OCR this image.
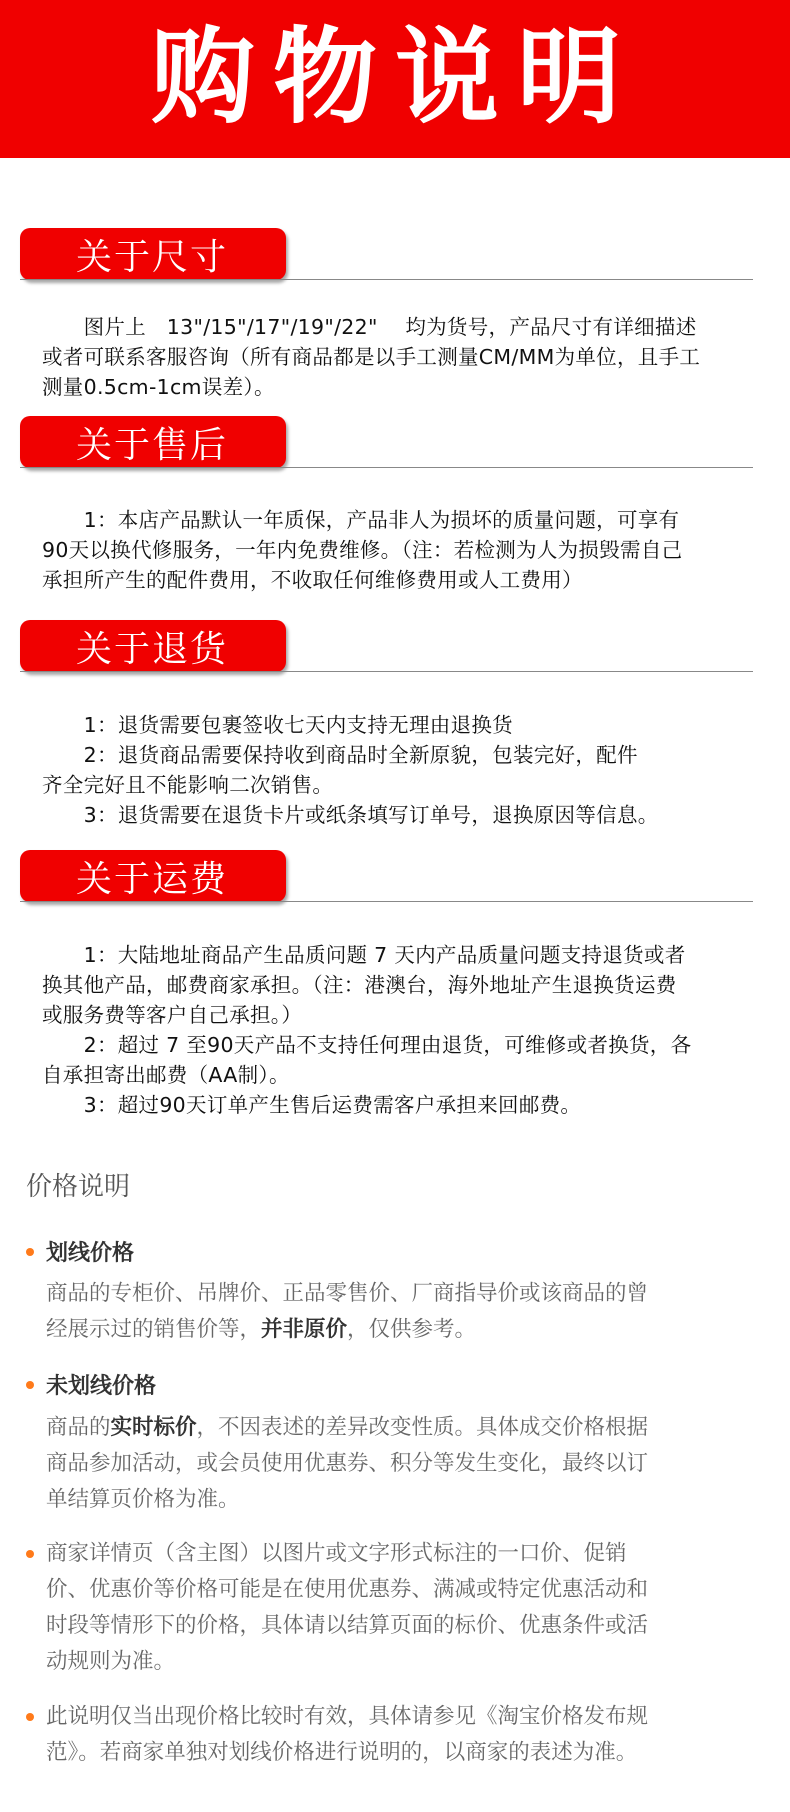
购物说明
关于尺寸
　　图片上　13"/15"/17"/19"/22"　 均为货号，产品尺寸有详细描述
或者可联系客服咨询（所有商品都是以手工测量CM/MM为单位，且手工
测量0.5cm-1cm误差）。
关于售后
　　1：本店产品默认一年质保，产品非人为损坏的质量问题，可享有
90天以换代修服务，一年内免费维修。（注：若检测为人为损毁需自己
承担所产生的配件费用，不收取任何维修费用或人工费用）
关于退货
　　1：退货需要包裹签收七天内支持无理由退换货
　　2：退货商品需要保持收到商品时全新原貌，包装完好，配件
齐全完好且不能影响二次销售。
　　3：退货需要在退货卡片或纸条填写订单号，退换原因等信息。
关于运费
　　1：大陆地址商品产生品质问题 7 天内产品质量问题支持退货或者
换其他产品，邮费商家承担。（注：港澳台，海外地址产生退换货运费
或服务费等客户自己承担。）
　　2：超过 7 至90天产品不支持任何理由退货，可维修或者换货，各
自承担寄出邮费（AA制）。
　　3：超过90天订单产生售后运费需客户承担来回邮费。
价格说明
划线价格
商品的专柜价、吊牌价、正品零售价、厂商指导价或该商品的曾
经展示过的销售价等，并非原价，仅供参考。
未划线价格
商品的实时标价，不因表述的差异改变性质。具体成交价格根据
商品参加活动，或会员使用优惠券、积分等发生变化，最终以订
单结算页价格为准。
商家详情页（含主图）以图片或文字形式标注的一口价、促销
价、优惠价等价格可能是在使用优惠券、满减或特定优惠活动和
时段等情形下的价格，具体请以结算页面的标价、优惠条件或活
动规则为准。
此说明仅当出现价格比较时有效，具体请参见《淘宝价格发布规
范》。若商家单独对划线价格进行说明的，以商家的表述为准。
